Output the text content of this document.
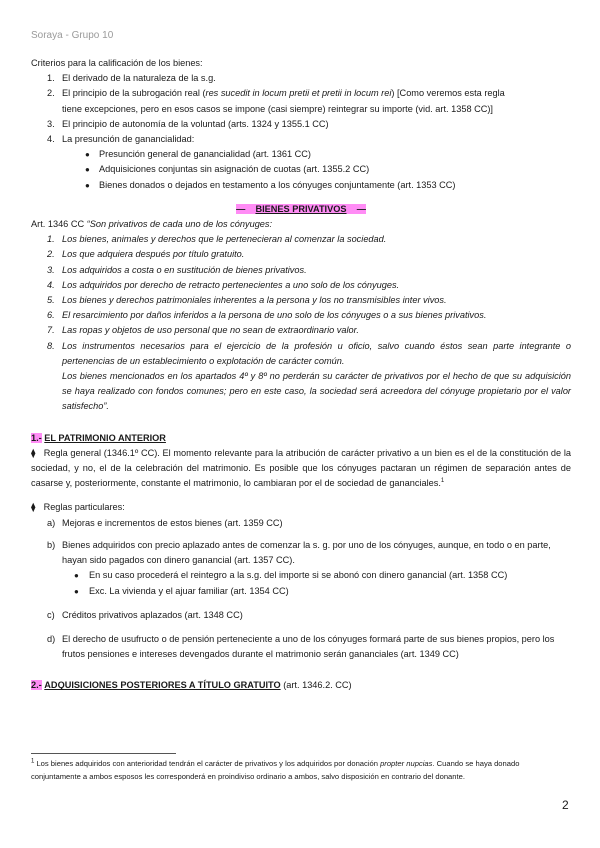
Soraya - Grupo 10
Criterios para la calificación de los bienes:
1. El derivado de la naturaleza de la s.g.
2. El principio de la subrogación real (res sucedit in locum pretii et pretii in locum rei) [Como veremos esta regla
tiene excepciones, pero en esos casos se impone (casi siempre) reintegrar su importe (vid. art. 1358 CC)]
3. El principio de autonomía de la voluntad (arts. 1324 y 1355.1 CC)
4. La presunción de ganancialidad:
● Presunción general de ganancialidad (art. 1361 CC)
● Adquisiciones conjuntas sin asignación de cuotas (art. 1355.2 CC)
● Bienes donados o dejados en testamento a los cónyuges conjuntamente (art. 1353 CC)
— BIENES PRIVATIVOS —
Art. 1346 CC “Son privativos de cada uno de los cónyuges:
1. Los bienes, animales y derechos que le pertenecieran al comenzar la sociedad.
2. Los que adquiera después por título gratuito.
3. Los adquiridos a costa o en sustitución de bienes privativos.
4. Los adquiridos por derecho de retracto pertenecientes a uno solo de los cónyuges.
5. Los bienes y derechos patrimoniales inherentes a la persona y los no transmisibles inter vivos.
6. El resarcimiento por daños inferidos a la persona de uno solo de los cónyuges o a sus bienes privativos.
7. Las ropas y objetos de uso personal que no sean de extraordinario valor.
8. Los instrumentos necesarios para el ejercicio de la profesión u oficio, salvo cuando éstos sean parte integrante o pertenencias de un establecimiento o explotación de carácter común.
Los bienes mencionados en los apartados 4º y 8º no perderán su carácter de privativos por el hecho de que su adquisición se haya realizado con fondos comunes; pero en este caso, la sociedad será acreedora del cónyuge propietario por el valor satisfecho”.
1.- EL PATRIMONIO ANTERIOR
⧫ Regla general (1346.1º CC). El momento relevante para la atribución de carácter privativo a un bien es el de la constitución de la sociedad, y no, el de la celebración del matrimonio. Es posible que los cónyuges pactaran un régimen de separación antes de casarse y, posteriormente, constante el matrimonio, lo cambiaran por el de sociedad de gananciales.$^1$
⧫ Reglas particulares:
a) Mejoras e incrementos de estos bienes (art. 1359 CC)
b) Bienes adquiridos con precio aplazado antes de comenzar la s. g. por uno de los cónyuges, aunque, en todo o en parte, hayan sido pagados con dinero ganancial (art. 1357 CC).
● En su caso procederá el reintegro a la s.g. del importe si se abonó con dinero ganancial (art. 1358 CC)
● Exc. La vivienda y el ajuar familiar (art. 1354 CC)
c) Créditos privativos aplazados (art. 1348 CC)
d) El derecho de usufructo o de pensión perteneciente a uno de los cónyuges formará parte de sus bienes propios, pero los frutos pensiones e intereses devengados durante el matrimonio serán gananciales (art. 1349 CC)
2.- ADQUISICIONES POSTERIORES A TÍTULO GRATUITO (art. 1346.2. CC)
$^1$ Los bienes adquiridos con anterioridad tendrán el carácter de privativos y los adquiridos por donación propter nupcias. Cuando se haya donado conjuntamente a ambos esposos les corresponderá en proindiviso ordinario a ambos, salvo disposición en contrario del donante.
2
